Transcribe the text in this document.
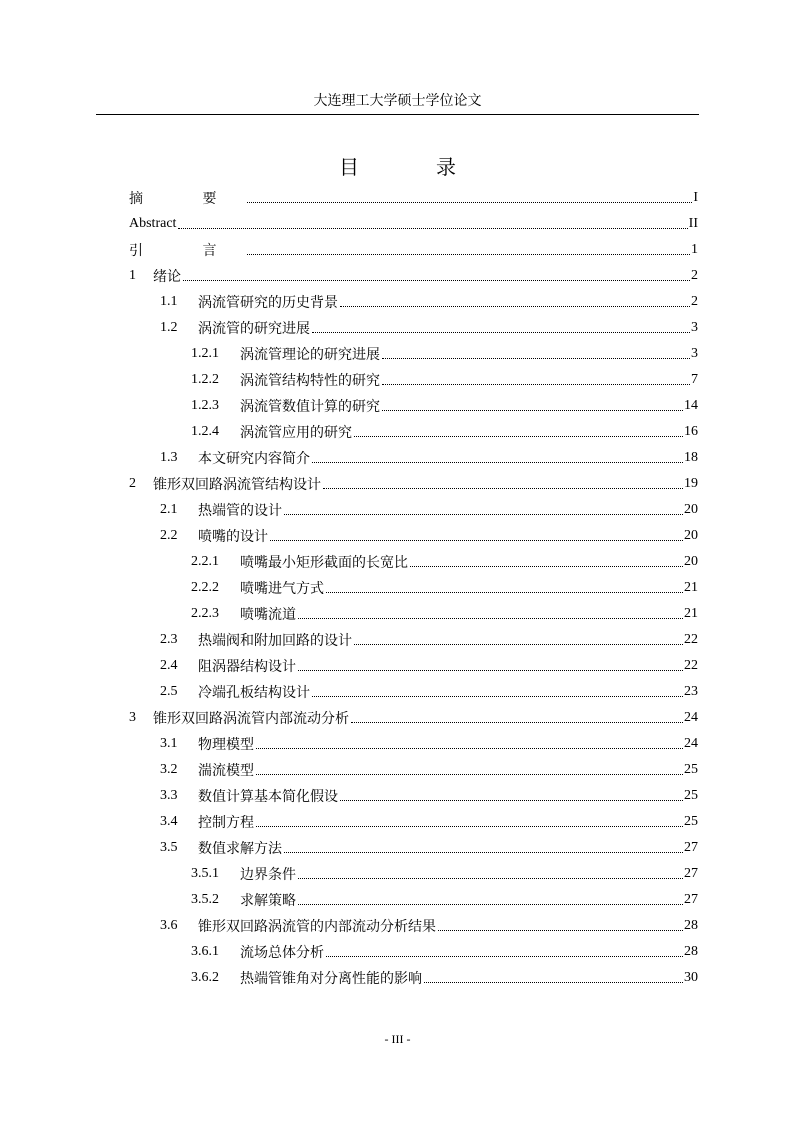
大连理工大学硕士学位论文
目 录
摘 要	I
Abstract	II
引 言	1
1	绪论	2
1.1	涡流管研究的历史背景	2
1.2	涡流管的研究进展	3
1.2.1	涡流管理论的研究进展	3
1.2.2	涡流管结构特性的研究	7
1.2.3	涡流管数值计算的研究	14
1.2.4	涡流管应用的研究	16
1.3	本文研究内容简介	18
2	锥形双回路涡流管结构设计	19
2.1	热端管的设计	20
2.2	喷嘴的设计	20
2.2.1	喷嘴最小矩形截面的长宽比	20
2.2.2	喷嘴进气方式	21
2.2.3	喷嘴流道	21
2.3	热端阀和附加回路的设计	22
2.4	阻涡器结构设计	22
2.5	冷端孔板结构设计	23
3	锥形双回路涡流管内部流动分析	24
3.1	物理模型	24
3.2	湍流模型	25
3.3	数值计算基本简化假设	25
3.4	控制方程	25
3.5	数值求解方法	27
3.5.1	边界条件	27
3.5.2	求解策略	27
3.6	锥形双回路涡流管的内部流动分析结果	28
3.6.1	流场总体分析	28
3.6.2	热端管锥角对分离性能的影响	30
- III -
